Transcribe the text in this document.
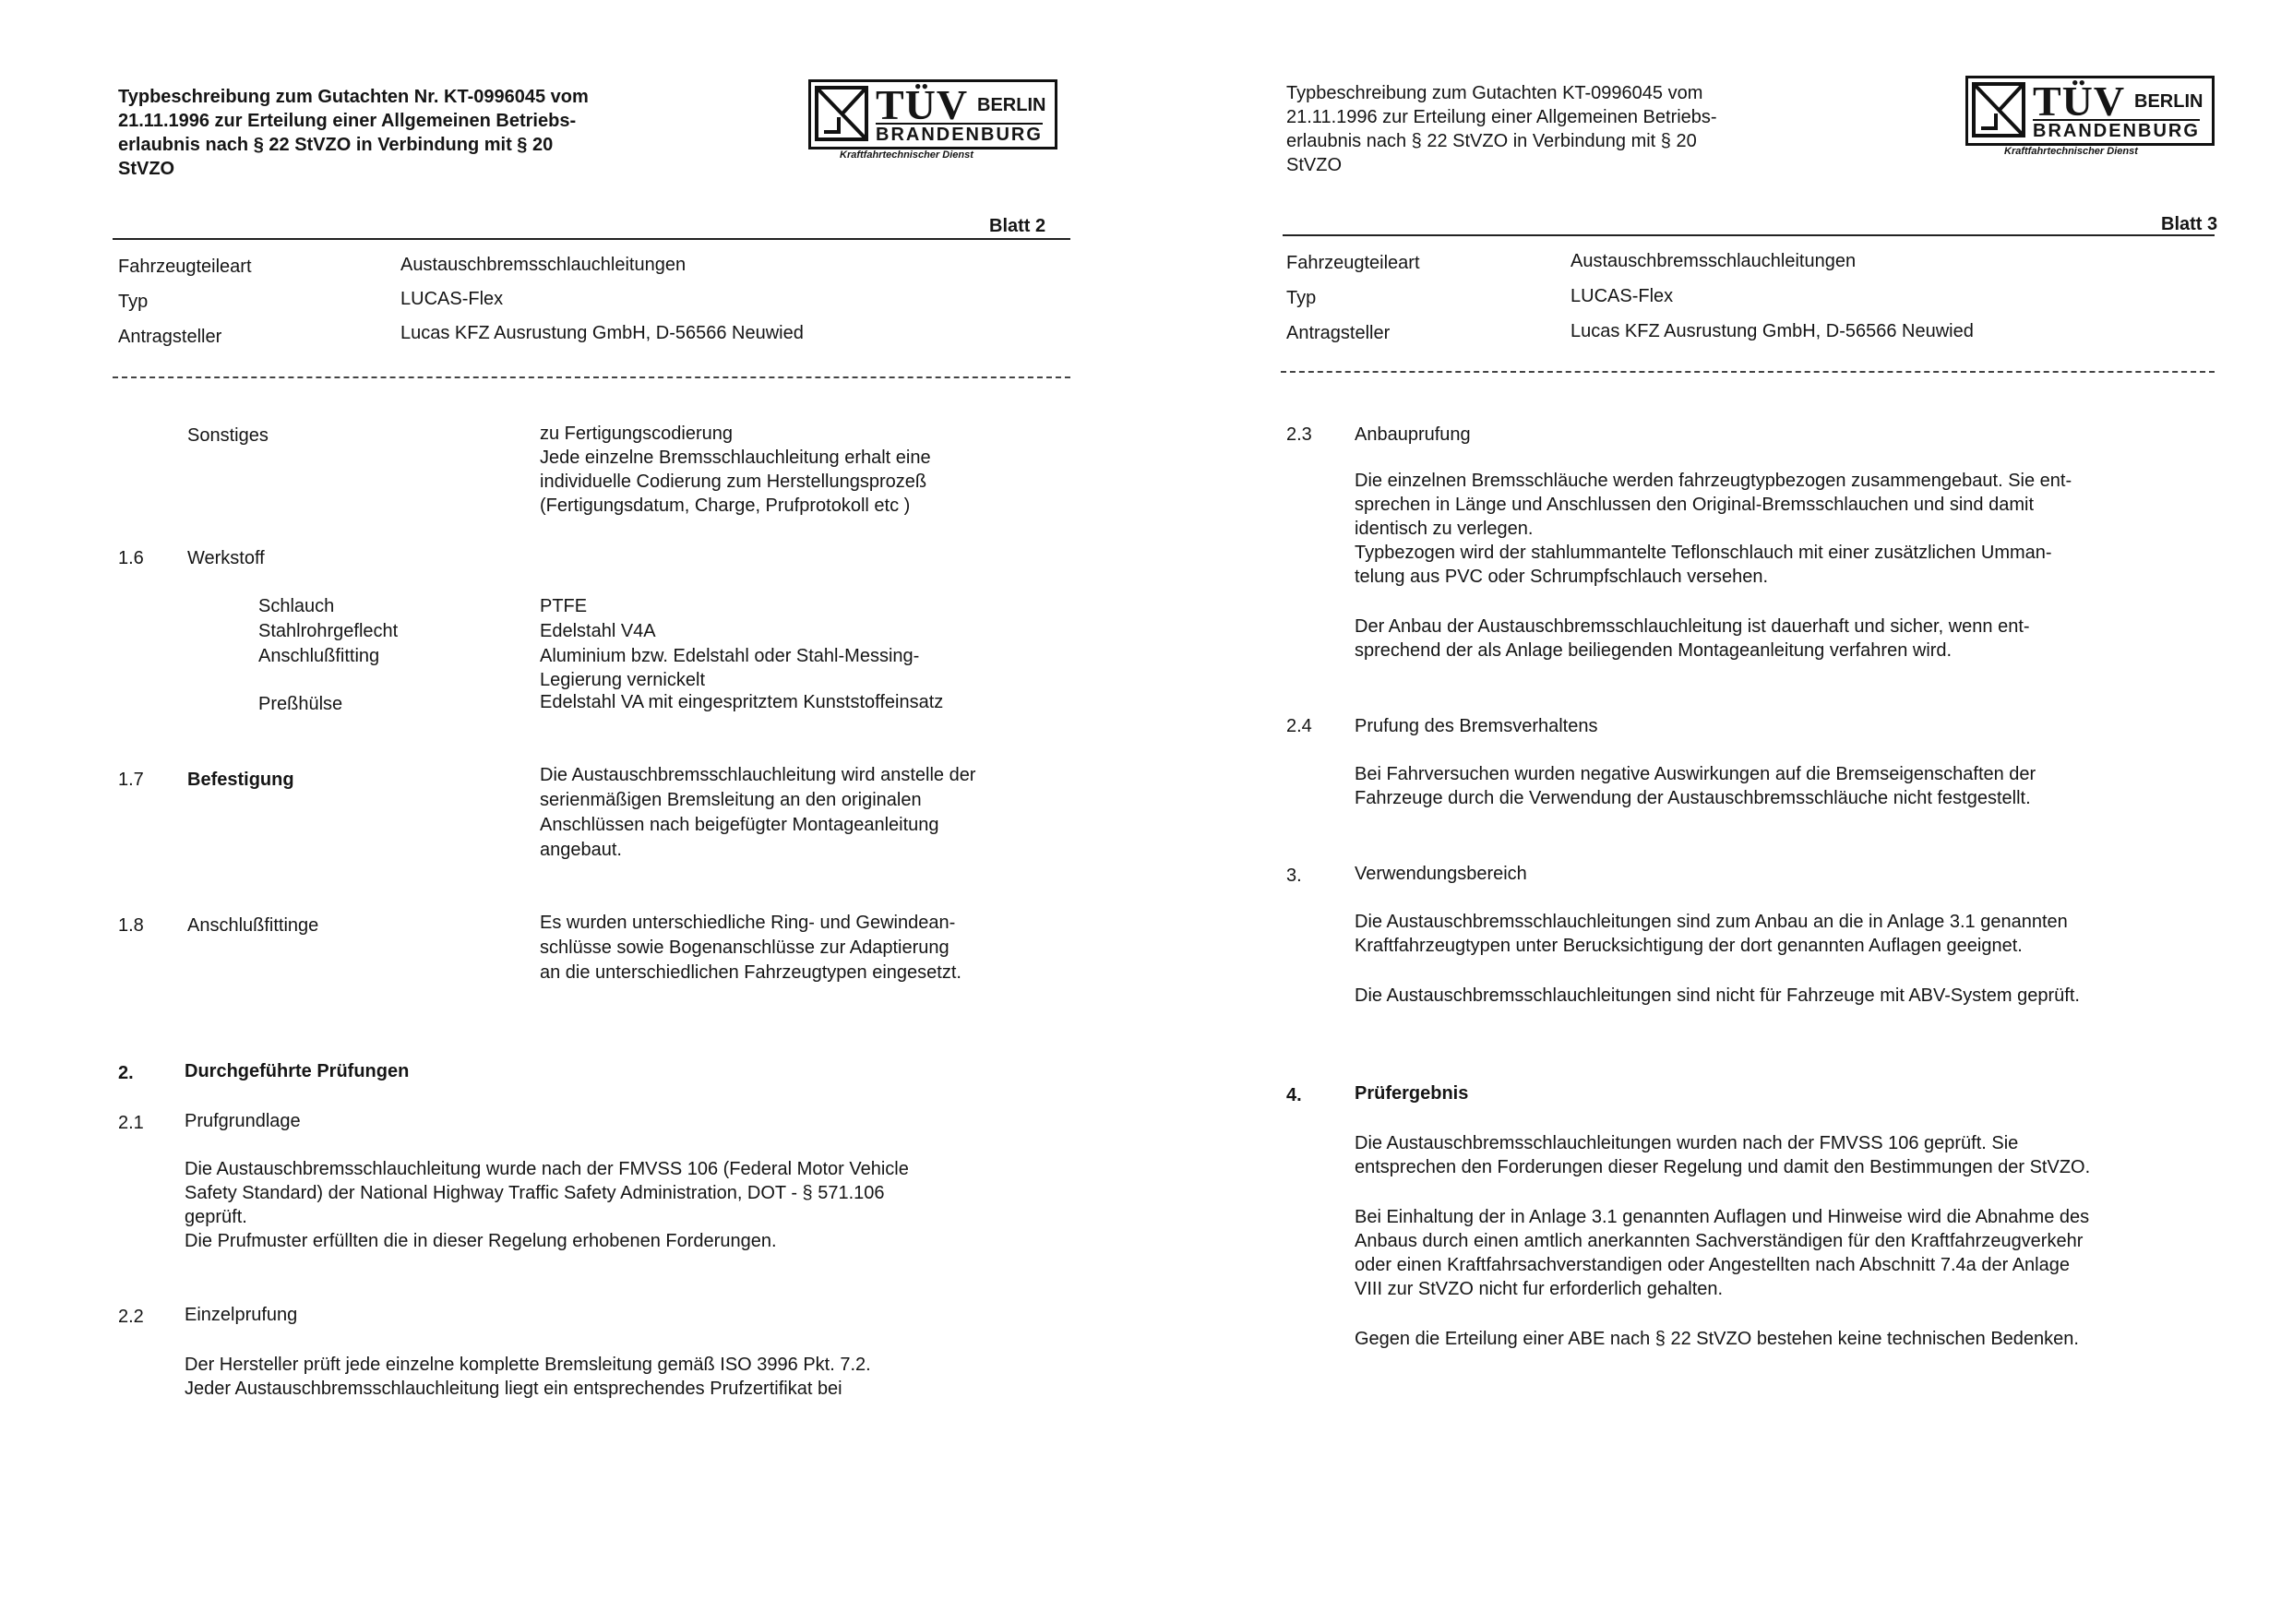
Typbeschreibung zum Gutachten Nr. KT-0996045 vom
21.11.1996 zur Erteilung einer Allgemeinen Betriebs-
erlaubnis nach § 22 StVZO in Verbindung mit § 20
StVZO
TÜV BERLIN
BRANDENBURG
Kraftfahrtechnischer Dienst
Blatt 2
Fahrzeugteileart	Austauschbremsschlauchleitungen
Typ	LUCAS-Flex
Antragsteller	Lucas KFZ Ausrustung GmbH, D-56566 Neuwied
Sonstiges	zu Fertigungscodierung
Jede einzelne Bremsschlauchleitung erhalt eine
individuelle Codierung zum Herstellungsprozeß
(Fertigungsdatum, Charge, Prufprotokoll etc )
1.6 Werkstoff
Schlauch	PTFE
Stahlrohrgeflecht	Edelstahl V4A
Anschlußfitting	Aluminium bzw. Edelstahl oder Stahl-Messing-
Legierung vernickelt
Preßhülse	Edelstahl VA mit eingespritztem Kunststoffeinsatz
1.7 Befestigung	Die Austauschbremsschlauchleitung wird anstelle der
serienmäßigen Bremsleitung an den originalen
Anschlüssen nach beigefügter Montageanleitung
angebaut.
1.8 Anschlußfittinge	Es wurden unterschiedliche Ring- und Gewindean-
schlüsse sowie Bogenanschlüsse zur Adaptierung
an die unterschiedlichen Fahrzeugtypen eingesetzt.
2.	Durchgeführte Prüfungen
2.1 Prufgrundlage
Die Austauschbremsschlauchleitung wurde nach der FMVSS 106 (Federal Motor Vehicle
Safety Standard) der National Highway Traffic Safety Administration, DOT - § 571.106
geprüft.
Die Prufmuster erfüllten die in dieser Regelung erhobenen Forderungen.
2.2 Einzelprufung
Der Hersteller prüft jede einzelne komplette Bremsleitung gemäß ISO 3996 Pkt. 7.2.
Jeder Austauschbremsschlauchleitung liegt ein entsprechendes Prufzertifikat bei
Typbeschreibung zum Gutachten KT-0996045 vom
21.11.1996 zur Erteilung einer Allgemeinen Betriebs-
erlaubnis nach § 22 StVZO in Verbindung mit § 20
StVZO
TÜV BERLIN
BRANDENBURG
Kraftfahrtechnischer Dienst
Blatt 3
Fahrzeugteileart	Austauschbremsschlauchleitungen
Typ	LUCAS-Flex
Antragsteller	Lucas KFZ Ausrustung GmbH, D-56566 Neuwied
2.3 Anbauprufung
Die einzelnen Bremsschläuche werden fahrzeugtypbezogen zusammengebaut. Sie ent-
sprechen in Länge und Anschlussen den Original-Bremsschlauchen und sind damit
identisch zu verlegen.
Typbezogen wird der stahlummantelte Teflonschlauch mit einer zusätzlichen Umman-
telung aus PVC oder Schrumpfschlauch versehen.
Der Anbau der Austauschbremsschlauchleitung ist dauerhaft und sicher, wenn ent-
sprechend der als Anlage beiliegenden Montageanleitung verfahren wird.
2.4 Prufung des Bremsverhaltens
Bei Fahrversuchen wurden negative Auswirkungen auf die Bremseigenschaften der
Fahrzeuge durch die Verwendung der Austauschbremsschläuche nicht festgestellt.
3.	Verwendungsbereich
Die Austauschbremsschlauchleitungen sind zum Anbau an die in Anlage 3.1 genannten
Kraftfahrzeugtypen unter Berucksichtigung der dort genannten Auflagen geeignet.
Die Austauschbremsschlauchleitungen sind nicht für Fahrzeuge mit ABV-System geprüft.
4.	Prüfergebnis
Die Austauschbremsschlauchleitungen wurden nach der FMVSS 106 geprüft. Sie
entsprechen den Forderungen dieser Regelung und damit den Bestimmungen der StVZO.
Bei Einhaltung der in Anlage 3.1 genannten Auflagen und Hinweise wird die Abnahme des
Anbaus durch einen amtlich anerkannten Sachverständigen für den Kraftfahrzeugverkehr
oder einen Kraftfahrsachverstandigen oder Angestellten nach Abschnitt 7.4a der Anlage
VIII zur StVZO nicht fur erforderlich gehalten.
Gegen die Erteilung einer ABE nach § 22 StVZO bestehen keine technischen Bedenken.
